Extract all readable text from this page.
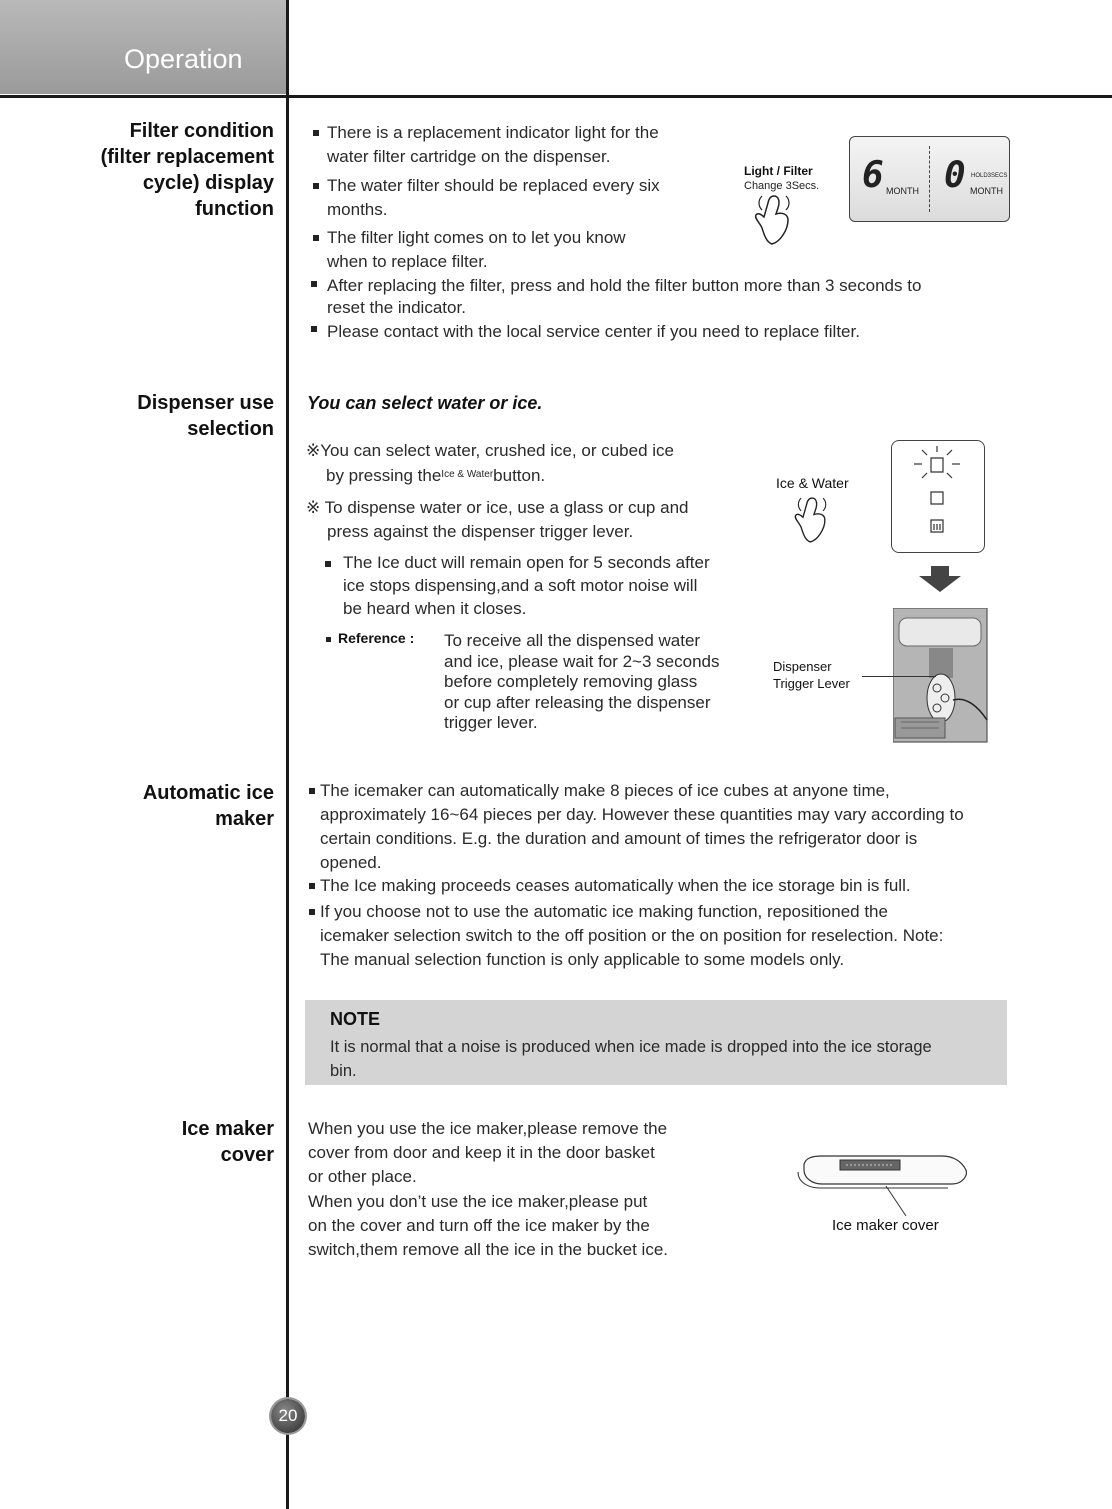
Operation
Filter condition
(filter replacement
cycle) display
function
There is a replacement indicator light for the
water filter cartridge on the dispenser.
The water filter should be replaced every six
months.
The filter light comes on to let you know
when to replace filter.
After replacing the filter, press and hold the filter button more than 3 seconds to
reset the indicator.
Please contact with the local service center if you need to replace filter.
Light / Filter
Change 3Secs. 6 MONTH 0 HOLD3SECS
MONTH
Dispenser use
selection
You can select water or ice.
※You can select water, crushed ice, or cubed ice
by pressing the$^{Ice \& Water}$button.
※ To dispense water or ice, use a glass or cup and
press against the dispenser trigger lever.
The Ice duct will remain open for 5 seconds after
ice stops dispensing,and a soft motor noise will
be heard when it closes.
Reference : To receive all the dispensed water
and ice, please wait for 2~3 seconds
before completely removing glass
or cup after releasing the dispenser
trigger lever.
Ice & Water
Dispenser
Trigger Lever
Automatic ice
maker
The icemaker can automatically make 8 pieces of ice cubes at anyone time,
approximately 16~64 pieces per day. However these quantities may vary according to
certain conditions. E.g. the duration and amount of times the refrigerator door is
opened.
The Ice making proceeds ceases automatically when the ice storage bin is full.
If you choose not to use the automatic ice making function, repositioned the
icemaker selection switch to the off position or the on position for reselection. Note:
The manual selection function is only applicable to some models only.
NOTE
It is normal that a noise is produced when ice made is dropped into the ice storage
bin.
Ice maker
cover
When you use the ice maker,please remove the
cover from door and keep it in the door basket
or other place.
When you don’t use the ice maker,please put
on the cover and turn off the ice maker by the
switch,them remove all the ice in the bucket ice.
Ice maker cover
20
